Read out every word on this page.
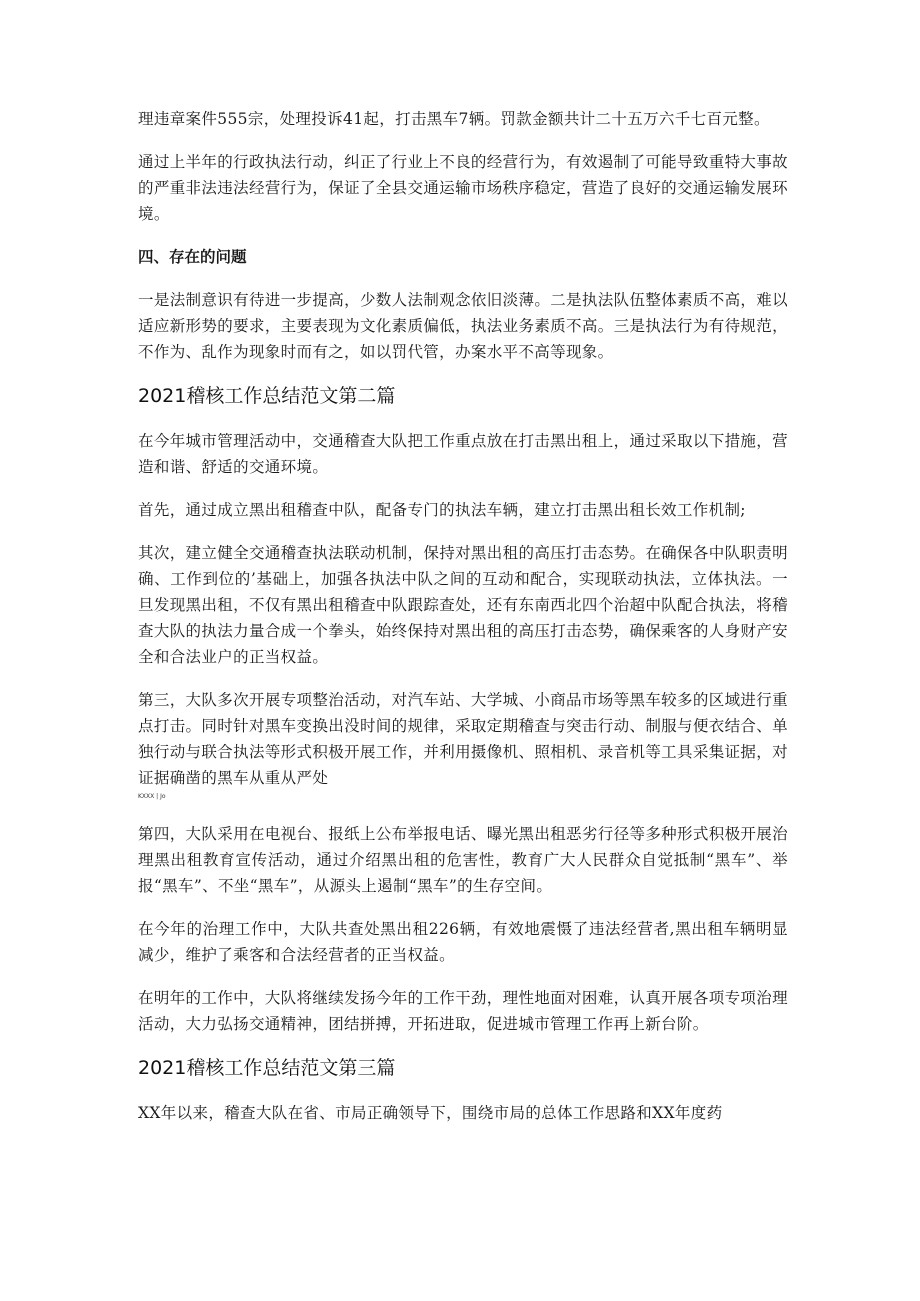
理违章案件555宗，处理投诉41起，打击黑车7辆。罚款金额共计二十五万六千七百元整。

通过上半年的行政执法行动，纠正了行业上不良的经营行为，有效遏制了可能导致重特大事故的严重非法违法经营行为，保证了全县交通运输市场秩序稳定，营造了良好的交通运输发展环境。

四、存在的问题

一是法制意识有待进一步提高，少数人法制观念依旧淡薄。二是执法队伍整体素质不高，难以适应新形势的要求，主要表现为文化素质偏低，执法业务素质不高。三是执法行为有待规范，不作为、乱作为现象时而有之，如以罚代管，办案水平不高等现象。

2021稽核工作总结范文第二篇

在今年城市管理活动中，交通稽查大队把工作重点放在打击黑出租上，通过采取以下措施，营造和谐、舒适的交通环境。

首先，通过成立黑出租稽查中队，配备专门的执法车辆，建立打击黑出租长效工作机制;

其次，建立健全交通稽查执法联动机制，保持对黑出租的高压打击态势。在确保各中队职责明确、工作到位的’基础上，加强各执法中队之间的互动和配合，实现联动执法，立体执法。一旦发现黑出租，不仅有黑出租稽查中队跟踪查处，还有东南西北四个治超中队配合执法，将稽查大队的执法力量合成一个拳头，始终保持对黑出租的高压打击态势，确保乘客的人身财产安全和合法业户的正当权益。

第三，大队多次开展专项整治活动，对汽车站、大学城、小商品市场等黑车较多的区域进行重点打击。同时针对黑车变换出没时间的规律，采取定期稽查与突击行动、制服与便衣结合、单独行动与联合执法等形式积极开展工作，并利用摄像机、照相机、录音机等工具采集证据，对证据确凿的黑车从重从严处

KXXX | Jo

第四，大队采用在电视台、报纸上公布举报电话、曝光黑出租恶劣行径等多种形式积极开展治理黑出租教育宣传活动，通过介绍黑出租的危害性，教育广大人民群众自觉抵制“黑车”、举报“黑车”、不坐“黑车”，从源头上遏制“黑车”的生存空间。

在今年的治理工作中，大队共查处黑出租226辆，有效地震慑了违法经营者,黑出租车辆明显减少，维护了乘客和合法经营者的正当权益。

在明年的工作中，大队将继续发扬今年的工作干劲，理性地面对困难，认真开展各项专项治理活动，大力弘扬交通精神，团结拼搏，开拓进取，促进城市管理工作再上新台阶。

2021稽核工作总结范文第三篇

XX年以来，稽查大队在省、市局正确领导下，围绕市局的总体工作思路和XX年度药
